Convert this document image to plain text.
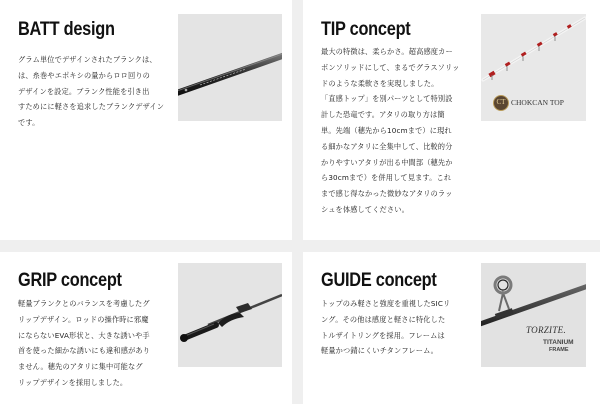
BATT design
グラム単位でデザインされたブランクは、
は、糸巻やエポキシの量からロロ回りの
デザインを設定。ブランク性能を引き出
すためにに軽さを追求したブランクデザイン
です。
TIP concept
最大の特徴は、柔らかさ。超高感度カー
ボンソリッドにして、まるでグラスソリッ
ドのような柔軟さを実現しました。
「直感トップ」を別パーツとして特別設
計した恐竜です。アタリの取り方は簡
単。先端（穂先から10cmまで）に現れ
る細かなアタリに全集中して、比較的分
かりやすいアタリが出る中間部（穂先か
ら30cmまで）を併用して見ます。これ
まで感じ得なかった微妙なアタリのラッ
シュを体感してください。
CT CHOKCAN TOP
GRIP concept
軽量ブランクとのバランスを考慮したグ
リップデザイン。ロッドの操作時に邪魔
にならないEVA形状と、大きな誘いや手
首を使った細かな誘いにも違和感があり
ません。穂先のアタリに集中可能なグ
リップデザインを採用しました。
GUIDE concept
トップのみ軽さと強度を重視したSICリ
ング。その他は感度と軽さに特化した
トルザイトリングを採用。フレームは
軽量かつ錆にくいチタンフレーム。
TORZITE.
TITANIUM
FRAME
